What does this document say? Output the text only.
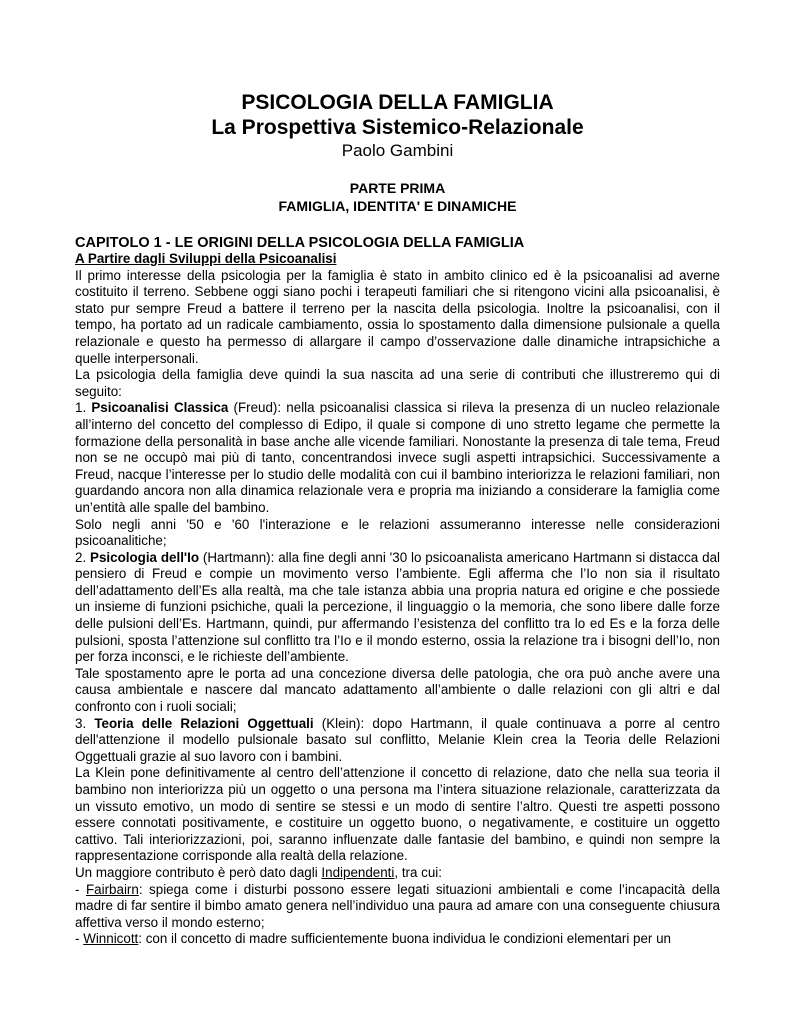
PSICOLOGIA DELLA FAMIGLIA
La Prospettiva Sistemico-Relazionale
Paolo Gambini
PARTE PRIMA
FAMIGLIA, IDENTITA' E DINAMICHE
CAPITOLO 1 - LE ORIGINI DELLA PSICOLOGIA DELLA FAMIGLIA

A Partire dagli Sviluppi della Psicoanalisi

Il primo interesse della psicologia per la famiglia è stato in ambito clinico ed è la psicoanalisi ad averne costituito il terreno. Sebbene oggi siano pochi i terapeuti familiari che si ritengono vicini alla psicoanalisi, è stato pur sempre Freud a battere il terreno per la nascita della psicologia. Inoltre la psicoanalisi, con il tempo, ha portato ad un radicale cambiamento, ossia lo spostamento dalla dimensione pulsionale a quella relazionale e questo ha permesso di allargare il campo d’osservazione dalle dinamiche intrapsichiche a quelle interpersonali.

La psicologia della famiglia deve quindi la sua nascita ad una serie di contributi che illustreremo qui di seguito:

1. Psicoanalisi Classica (Freud): nella psicoanalisi classica si rileva la presenza di un nucleo relazionale all’interno del concetto del complesso di Edipo, il quale si compone di uno stretto legame che permette la formazione della personalità in base anche alle vicende familiari. Nonostante la presenza di tale tema, Freud non se ne occupò mai più di tanto, concentrandosi invece sugli aspetti intrapsichici. Successivamente a Freud, nacque l’interesse per lo studio delle modalità con cui il bambino interiorizza le relazioni familiari, non guardando ancora non alla dinamica relazionale vera e propria ma iniziando a considerare la famiglia come un’entità alle spalle del bambino.

Solo negli anni '50 e '60 l'interazione e le relazioni assumeranno interesse nelle considerazioni psicoanalitiche;

2. Psicologia dell'Io (Hartmann): alla fine degli anni '30 lo psicoanalista americano Hartmann si distacca dal pensiero di Freud e compie un movimento verso l’ambiente. Egli afferma che l’Io non sia il risultato dell’adattamento dell’Es alla realtà, ma che tale istanza abbia una propria natura ed origine e che possiede un insieme di funzioni psichiche, quali la percezione, il linguaggio o la memoria, che sono libere dalle forze delle pulsioni dell’Es. Hartmann, quindi, pur affermando l’esistenza del conflitto tra lo ed Es e la forza delle pulsioni, sposta l’attenzione sul conflitto tra l’Io e il mondo esterno, ossia la relazione tra i bisogni dell’Io, non per forza inconsci, e le richieste dell’ambiente.

Tale spostamento apre le porta ad una concezione diversa delle patologia, che ora può anche avere una causa ambientale e nascere dal mancato adattamento all’ambiente o dalle relazioni con gli altri e dal confronto con i ruoli sociali;

3. Teoria delle Relazioni Oggettuali (Klein): dopo Hartmann, il quale continuava a porre al centro dell'attenzione il modello pulsionale basato sul conflitto, Melanie Klein crea la Teoria delle Relazioni Oggettuali grazie al suo lavoro con i bambini.

La Klein pone definitivamente al centro dell’attenzione il concetto di relazione, dato che nella sua teoria il bambino non interiorizza più un oggetto o una persona ma l’intera situazione relazionale, caratterizzata da un vissuto emotivo, un modo di sentire se stessi e un modo di sentire l’altro. Questi tre aspetti possono essere connotati positivamente, e costituire un oggetto buono, o negativamente, e costituire un oggetto cattivo. Tali interiorizzazioni, poi, saranno influenzate dalle fantasie del bambino, e quindi non sempre la rappresentazione corrisponde alla realtà della relazione.

Un maggiore contributo è però dato dagli Indipendenti, tra cui:

- Fairbairn: spiega come i disturbi possono essere legati situazioni ambientali e come l’incapacità della madre di far sentire il bimbo amato genera nell’individuo una paura ad amare con una conseguente chiusura affettiva verso il mondo esterno;

- Winnicott: con il concetto di madre sufficientemente buona individua le condizioni elementari per un
